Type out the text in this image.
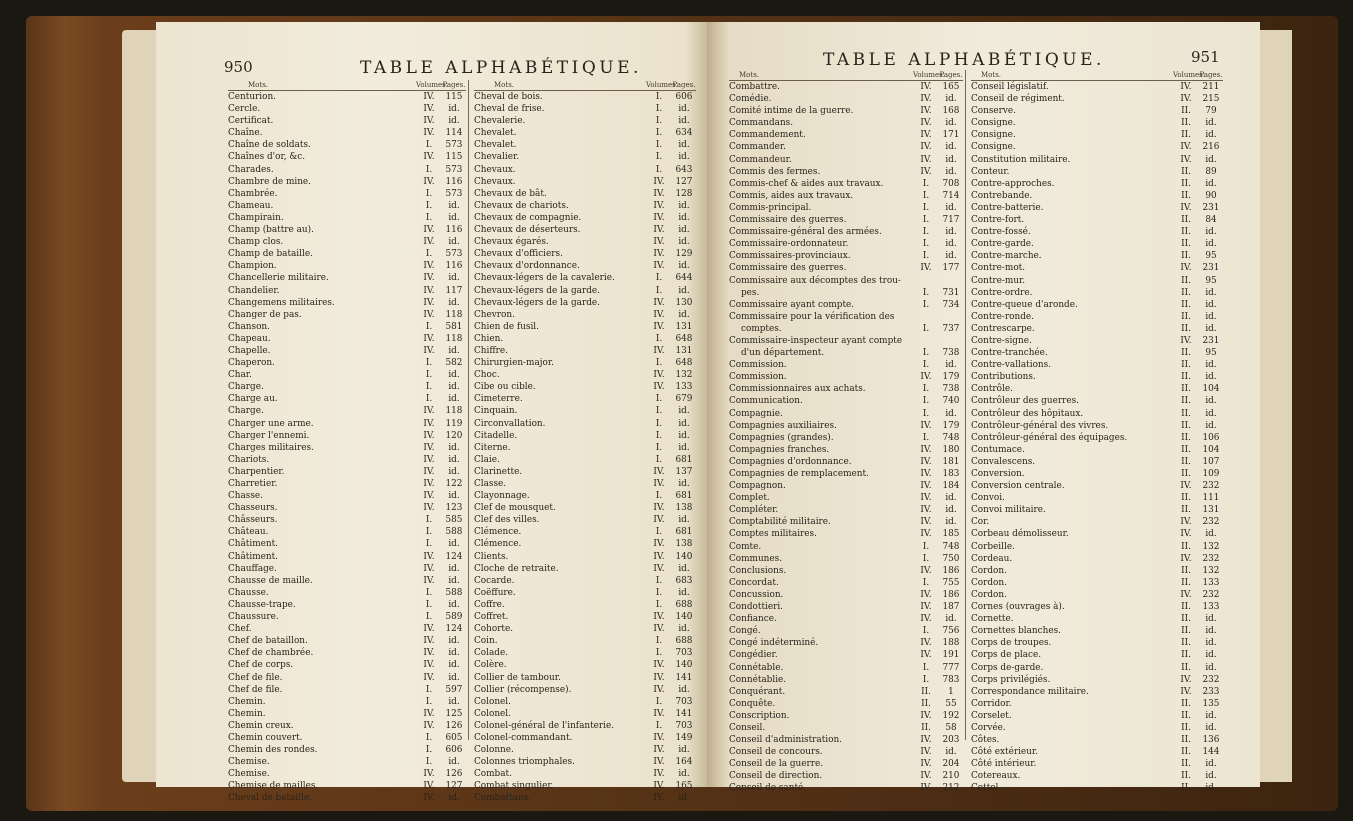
950	TABLE ALPHABÉTIQUE.
Mots.	Volumes.
Pages.
Centurion.	IV.	115
Cercle.	IV.	id.
Certificat.	IV.	id.
Chaîne.	IV.	114
Chaîne de soldats.	I.	573
Chaînes d'or, &c.	IV.	115
Charades.	I.	573
Chambre de mine.	IV.	116
Chambrée.	I.	573
Chameau.	I.	id.
Champirain.	I.	id.
Champ (battre au).	IV.	116
Champ clos.	IV.	id.
Champ de bataille.	I.	573
Champion.	IV.	116
Chancellerie militaire.	IV.	id.
Chandelier.	IV.	117
Changemens militaires.	IV.	id.
Changer de pas.	IV.	118
Chanson.	I.	581
Chapeau.	IV.	118
Chapelle.	IV.	id.
Chaperon.	I.	582
Char.	I.	id.
Charge.	I.	id.
Charge au.	I.	id.
Charge.	IV.	118
Charger une arme.	IV.	119
Charger l'ennemi.	IV.	120
Charges militaires.	IV.	id.
Chariots.	IV.	id.
Charpentier.	IV.	id.
Charretier.	IV.	122
Chasse.	IV.	id.
Chasseurs.	IV.	123
Châsseurs.	I.	585
Château.	I.	588
Châtiment.	I.	id.
Châtiment.	IV.	124
Chauffage.	IV.	id.
Chausse de maille.	IV.	id.
Chausse.	I.	588
Chausse-trape.	I.	id.
Chaussure.	I.	589
Chef.	IV.	124
Chef de bataillon.	IV.	id.
Chef de chambrée.	IV.	id.
Chef de corps.	IV.	id.
Chef de file.	IV.	id.
Chef de file.	I.	597
Chemin.	I.	id.
Chemin.	IV.	125
Chemin creux.	IV.	126
Chemin couvert.	I.	605
Chemin des rondes.	I.	606
Chemise.	I.	id.
Chemise.	IV.	126
Chemise de mailles.	IV.	127
Cheval de bataille.	IV.	id.
Mots.	Volumes.
Pages.
Cheval de bois.	I.	606
Cheval de frise.	I.	id.
Chevalerie.	I.	id.
Chevalet.	I.	634
Chevalet.	I.	id.
Chevalier.	I.	id.
Chevaux.	I.	643
Chevaux.	IV.	127
Chevaux de bât.	IV.	128
Chevaux de chariots.	IV.	id.
Chevaux de compagnie.	IV.	id.
Chevaux de déserteurs.	IV.	id.
Chevaux égarés.	IV.	id.
Chevaux d'officiers.	IV.	129
Chevaux d'ordonnance.	IV.	id.
Chevaux-légers de la cavalerie.	I.	644
Chevaux-légers de la garde.	I.	id.
Chevaux-légers de la garde.	IV.	130
Chevron.	IV.	id.
Chien de fusil.	IV.	131
Chien.	I.	648
Chiffre.	IV.	131
Chirurgien-major.	I.	648
Choc.	IV.	132
Cibe ou cible.	IV.	133
Cimeterre.	I.	679
Cinquain.	I.	id.
Circonvallation.	I.	id.
Citadelle.	I.	id.
Citerne.	I.	id.
Claie.	I.	681
Clarinette.	IV.	137
Classe.	IV.	id.
Clayonnage.	I.	681
Clef de mousquet.	IV.	138
Clef des villes.	IV.	id.
Clémence.	I.	681
Clémence.	IV.	138
Clients.	IV.	140
Cloche de retraite.	IV.	id.
Cocarde.	I.	683
Coëffure.	I.	id.
Coffre.	I.	688
Coffret.	IV.	140
Cohorte.	IV.	id.
Coin.	I.	688
Colade.	I.	703
Colère.	IV.	140
Collier de tambour.	IV.	141
Collier (récompense).	IV.	id.
Colonel.	I.	703
Colonel.	IV.	141
Colonel-général de l'infanterie.	I.	703
Colonel-commandant.	IV.	149
Colonne.	IV.	id.
Colonnes triomphales.	IV.	164
Combat.	IV.	id.
Combat singulier.	IV.	165
Combattans.	IV.	id.
TABLE ALPHABÉTIQUE.	951
Mots.	Volumes.
Pages.
Combattre.	IV.	165
Comédie.	IV.	id.
Comité intime de la guerre.	IV.	168
Commandans.	IV.	id.
Commandement.	IV.	171
Commander.	IV.	id.
Commandeur.	IV.	id.
Commis des fermes.	IV.	id.
Commis-chef & aides aux travaux.	I.	708
Commis, aides aux travaux.	I.	714
Commis-principal.	I.	id.
Commissaire des guerres.	I.	717
Commissaire-général des armées.	I.	id.
Commissaire-ordonnateur.	I.	id.
Commissaires-provinciaux.	I.	id.
Commissaire des guerres.	IV.	177
Commissaire aux décomptes des trou-
pes.	I.	731
Commissaire ayant compte.	I.	734
Commissaire pour la vérification des
comptes.	I.	737
Commissaire-inspecteur ayant compte
d'un département.	I.	738
Commission.	I.	id.
Commission.	IV.	179
Commissionnaires aux achats.	I.	738
Communication.	I.	740
Compagnie.	I.	id.
Compagnies auxiliaires.	IV.	179
Compagnies (grandes).	I.	748
Compagnies franches.	IV.	180
Compagnies d'ordonnance.	IV.	181
Compagnies de remplacement.	IV.	183
Compagnon.	IV.	184
Complet.	IV.	id.
Compléter.	IV.	id.
Comptabilité militaire.	IV.	id.
Comptes militaires.	IV.	185
Comte.	I.	748
Communes.	I.	750
Conclusions.	IV.	186
Concordat.	I.	755
Concussion.	IV.	186
Condottieri.	IV.	187
Confiance.	IV.	id.
Congé.	I.	756
Congé indéterminé.	IV.	188
Congédier.	IV.	191
Connétable.	I.	777
Connétablie.	I.	783
Conquérant.	II.	1
Conquête.	II.	55
Conscription.	IV.	192
Conseil.	II.	58
Conseil d'administration.	IV.	203
Conseil de concours.	IV.	id.
Conseil de la guerre.	IV.	204
Conseil de direction.	IV.	210
Conseil de santé.	IV.	212
Mots.	Volumes.
Pages.
Conseil législatif.	IV.	211
Conseil de régiment.	IV.	215
Conserve.	II.	79
Consigne.	II.	id.
Consigne.	II.	id.
Consigne.	IV.	216
Constitution militaire.	IV.	id.
Conteur.	II.	89
Contre-approches.	II.	id.
Contrebande.	II.	90
Contre-batterie.	IV.	231
Contre-fort.	II.	84
Contre-fossé.	II.	id.
Contre-garde.	II.	id.
Contre-marche.	II.	95
Contre-mot.	IV.	231
Contre-mur.	II.	95
Contre-ordre.	II.	id.
Contre-queue d'aronde.	II.	id.
Contre-ronde.	II.	id.
Contrescarpe.	II.	id.
Contre-signe.	IV.	231
Contre-tranchée.	II.	95
Contre-vallations.	II.	id.
Contributions.	II.	id.
Contrôle.	II.	104
Contrôleur des guerres.	II.	id.
Contrôleur des hôpitaux.	II.	id.
Contrôleur-général des vivres.	II.	id.
Contrôleur-général des équipages.	II.	106
Contumace.	II.	104
Convalescens.	II.	107
Conversion.	II.	109
Conversion centrale.	IV.	232
Convoi.	II.	111
Convoi militaire.	II.	131
Cor.	IV.	232
Corbeau démolisseur.	IV.	id.
Corbeille.	II.	132
Cordeau.	IV.	232
Cordon.	II.	132
Cordon.	II.	133
Cordon.	IV.	232
Cornes (ouvrages à).	II.	133
Cornette.	II.	id.
Cornettes blanches.	II.	id.
Corps de troupes.	II.	id.
Corps de place.	II.	id.
Corps de-garde.	II.	id.
Corps privilégiés.	IV.	232
Correspondance militaire.	IV.	233
Corridor.	II.	135
Corselet.	II.	id.
Corvée.	II.	id.
Côtes.	II.	136
Côté extérieur.	II.	144
Côté intérieur.	II.	id.
Cotereaux.	II.	id.
Cottel.	II.	id.
